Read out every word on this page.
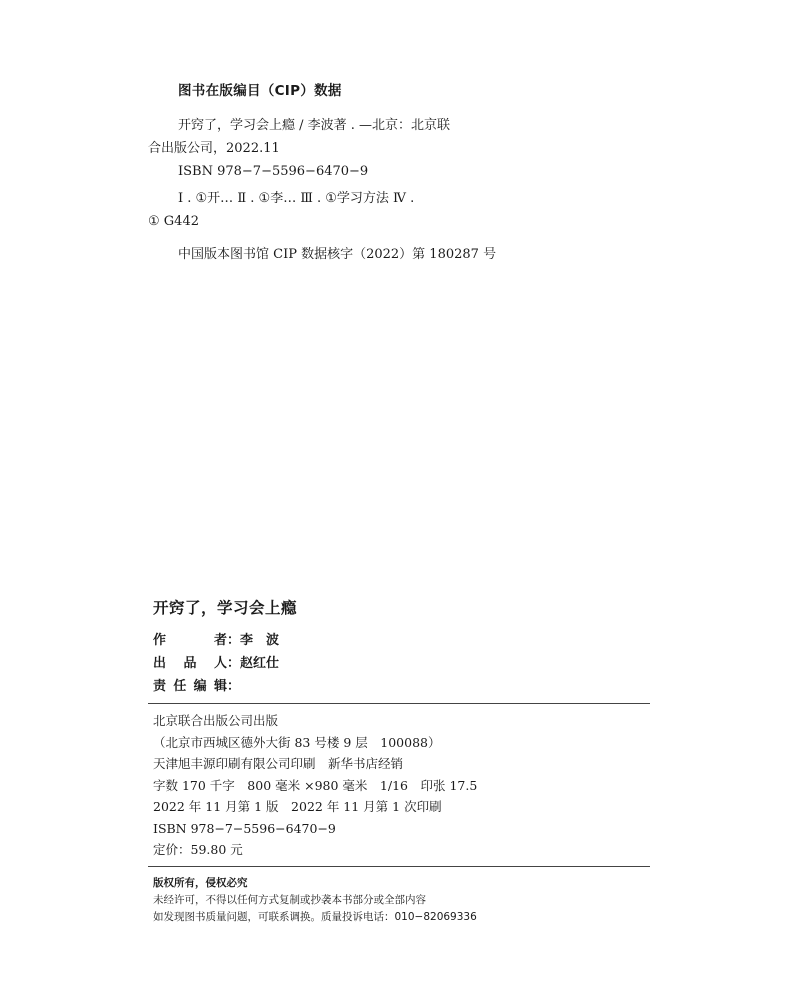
图书在版编目（CIP）数据
开窍了，学习会上瘾 / 李波著 . —北京：北京联
合出版公司，2022.11
ISBN 978−7−5596−6470−9
Ⅰ . ①开… Ⅱ . ①李… Ⅲ . ①学习方法 Ⅳ .
① G442
中国版本图书馆 CIP 数据核字（2022）第 180287 号
开窍了，学习会上瘾
作　　者 ： 李　波
出 品 人 ： 赵红仕
责任编辑 ：
北京联合出版公司出版
（北京市西城区德外大街 83 号楼 9 层　100088）
天津旭丰源印刷有限公司印刷　新华书店经销
字数 170 千字　800 毫米 ×980 毫米　1/16　印张 17.5
2022 年 11 月第 1 版　2022 年 11 月第 1 次印刷
ISBN 978−7−5596−6470−9
定价：59.80 元
版权所有，侵权必究
未经许可，不得以任何方式复制或抄袭本书部分或全部内容
如发现图书质量问题，可联系调换。质量投诉电话：010−82069336
